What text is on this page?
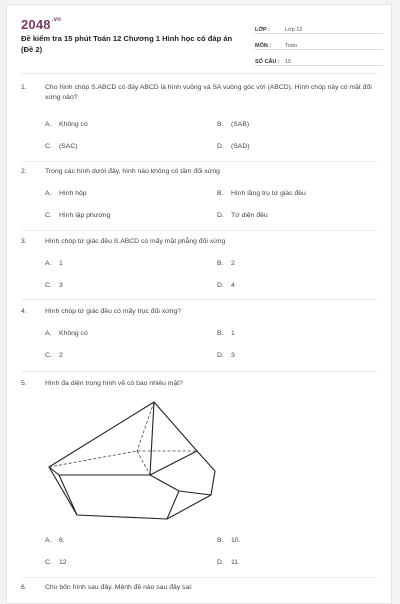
$2048^{.vn}$
Đề kiểm tra 15 phút Toán 12 Chương 1 Hình học có đáp án (Đề 2)
LỚP :	Lớp 12
MÔN :	Toán
SỐ CÂU : 15
1.	Cho hình chóp S.ABCD có đáy ABCD là hình vuông và SA vuông góc với (ABCD). Hình chóp này có mặt đối xứng nào?
A. Không có	B. (SAB)
C. (SAC)	D. (SAD)
2.	Trong các hình dưới đây, hình nào không có tâm đối xứng
A. Hình hộp	B. Hình lăng trụ tứ giác đều
C. Hình lập phương	D. Tứ diện đều
3.	Hình chóp tứ giác đều S.ABCD có mấy mặt phẳng đối xứng
A. 1	B. 2
C. 3	D. 4
4.	Hình chóp tứ giác đều có mấy trục đối xứng?
A. Không có	B. 1
C. 2	D. 3
5.	Hình đa diện trong hình vẽ có bao nhiêu mặt?
A. 6.	B. 10.
C. 12	D. 11.
6.	Cho bốn hình sau đây. Mệnh đề nào sau đây sai:
